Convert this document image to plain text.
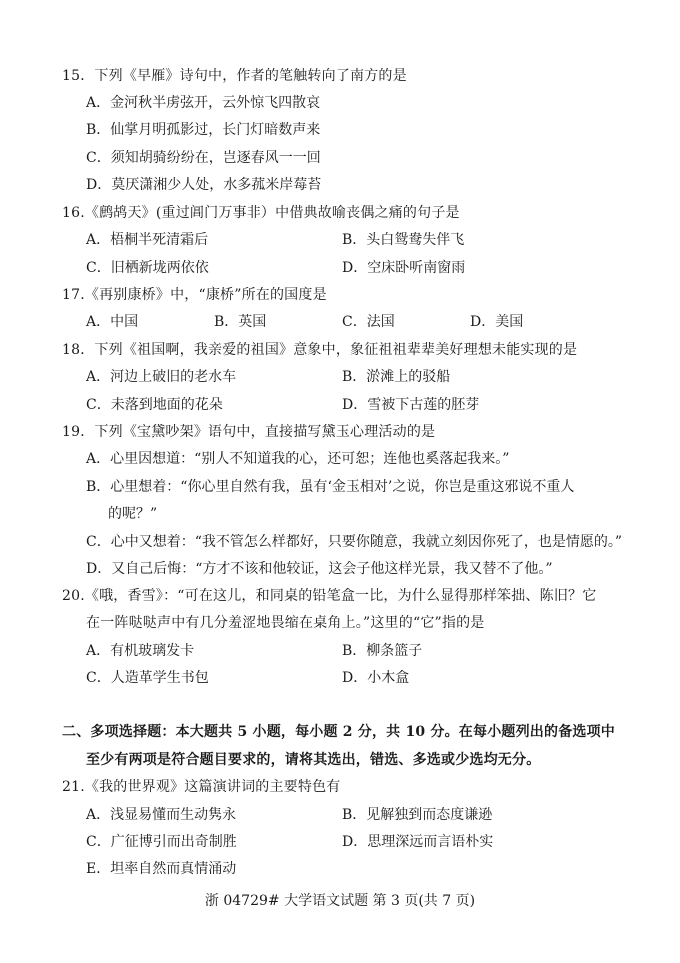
15．下列《早雁》诗句中，作者的笔触转向了南方的是
A．金河秋半虏弦开，云外惊飞四散哀
B．仙掌月明孤影过，长门灯暗数声来
C．须知胡骑纷纷在，岂逐春风一一回
D．莫厌潇湘少人处，水多菰米岸莓苔
16.《鹧鸪天》(重过阊门万事非）中借典故喻丧偶之痛的句子是
A．梧桐半死清霜后	B．头白鸳鸯失伴飞
C．旧栖新垅两依依	D．空床卧听南窗雨
17.《再别康桥》中，“康桥”所在的国度是
A．中国	B．英国	C．法国	D．美国
18．下列《祖国啊，我亲爱的祖国》意象中，象征祖祖辈辈美好理想未能实现的是
A．河边上破旧的老水车	B．淤滩上的驳船
C．未落到地面的花朵	D．雪被下古莲的胚芽
19．下列《宝黛吵架》语句中，直接描写黛玉心理活动的是
A．心里因想道：“别人不知道我的心，还可恕；连他也奚落起我来。”
B．心里想着：“你心里自然有我，虽有‘金玉相对’之说，你岂是重这邪说不重人
的呢？”
C．心中又想着：“我不管怎么样都好，只要你随意，我就立刻因你死了，也是情愿的。”
D．又自己后悔：“方才不该和他较证，这会子他这样光景，我又替不了他。”
20.《哦，香雪》：“可在这儿，和同桌的铅笔盒一比，为什么显得那样笨拙、陈旧？它
在一阵哒哒声中有几分羞涩地畏缩在桌角上。”这里的“它”指的是
A．有机玻璃发卡	B．柳条篮子
C．人造革学生书包	D．小木盒
二、多项选择题：本大题共 5 小题，每小题 2 分，共 10 分。在每小题列出的备选项中
至少有两项是符合题目要求的，请将其选出，错选、多选或少选均无分。
21.《我的世界观》这篇演讲词的主要特色有
A．浅显易懂而生动隽永	B．见解独到而态度谦逊
C．广征博引而出奇制胜	D．思理深远而言语朴实
E．坦率自然而真情涌动
浙 04729# 大学语文试题 第 3 页(共 7 页)
